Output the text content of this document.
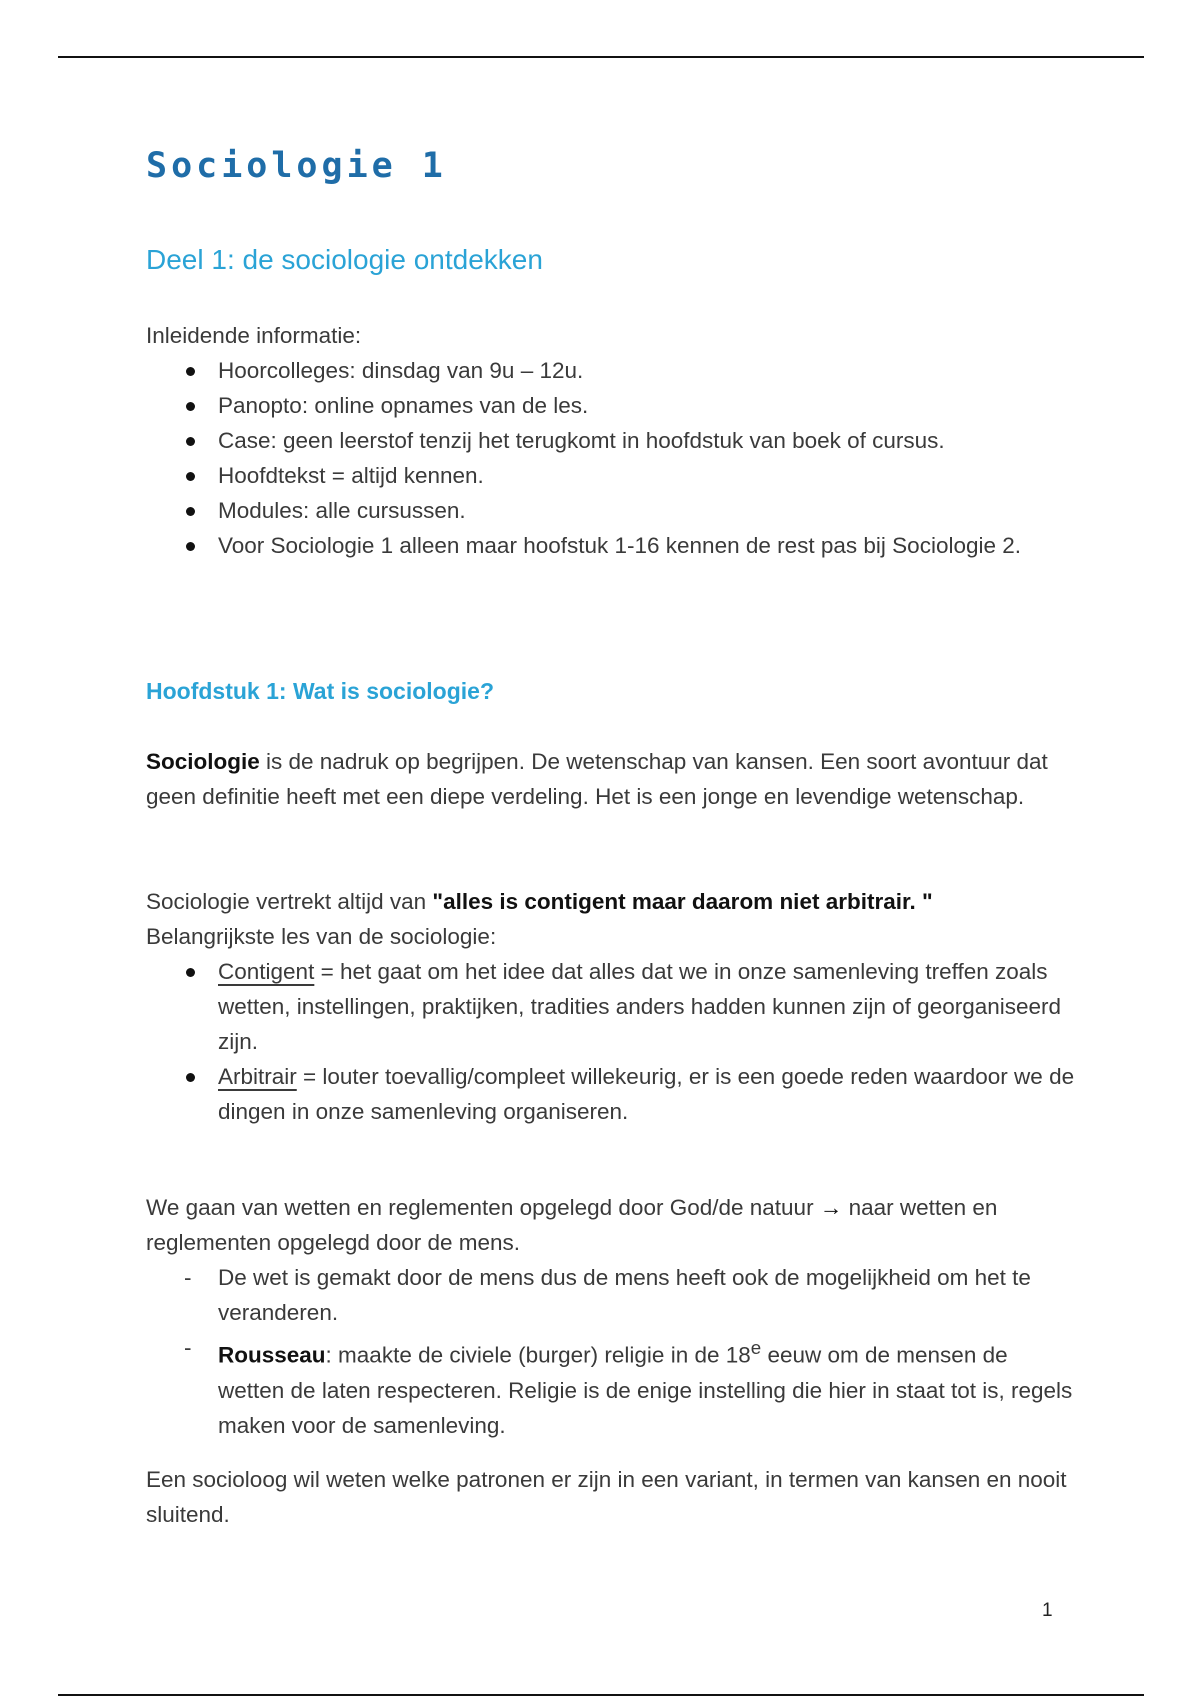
Sociologie 1
Deel 1: de sociologie ontdekken

Inleidende informatie:

Hoorcolleges: dinsdag van 9u – 12u.
Panopto: online opnames van de les.
Case: geen leerstof tenzij het terugkomt in hoofdstuk van boek of cursus.
Hoofdtekst = altijd kennen.
Modules: alle cursussen.
Voor Sociologie 1 alleen maar hoofstuk 1-16 kennen de rest pas bij Sociologie 2.
Hoofdstuk 1: Wat is sociologie?

Sociologie is de nadruk op begrijpen. De wetenschap van kansen. Een soort avontuur dat geen definitie heeft met een diepe verdeling. Het is een jonge en levendige wetenschap.

Sociologie vertrekt altijd van "alles is contigent maar daarom niet arbitrair. "

Belangrijkste les van de sociologie:

Contigent = het gaat om het idee dat alles dat we in onze samenleving treffen zoals wetten, instellingen, praktijken, tradities anders hadden kunnen zijn of georganiseerd zijn.
Arbitrair = louter toevallig/compleet willekeurig, er is een goede reden waardoor we de dingen in onze samenleving organiseren.

We gaan van wetten en reglementen opgelegd door God/de natuur → naar wetten en reglementen opgelegd door de mens.

- De wet is gemakt door de mens dus de mens heeft ook de mogelijkheid om het te veranderen.
- Rousseau: maakte de civiele (burger) religie in de 18e eeuw om de mensen de wetten de laten respecteren. Religie is de enige instelling die hier in staat tot is, regels maken voor de samenleving.

Een socioloog wil weten welke patronen er zijn in een variant, in termen van kansen en nooit sluitend.

1
